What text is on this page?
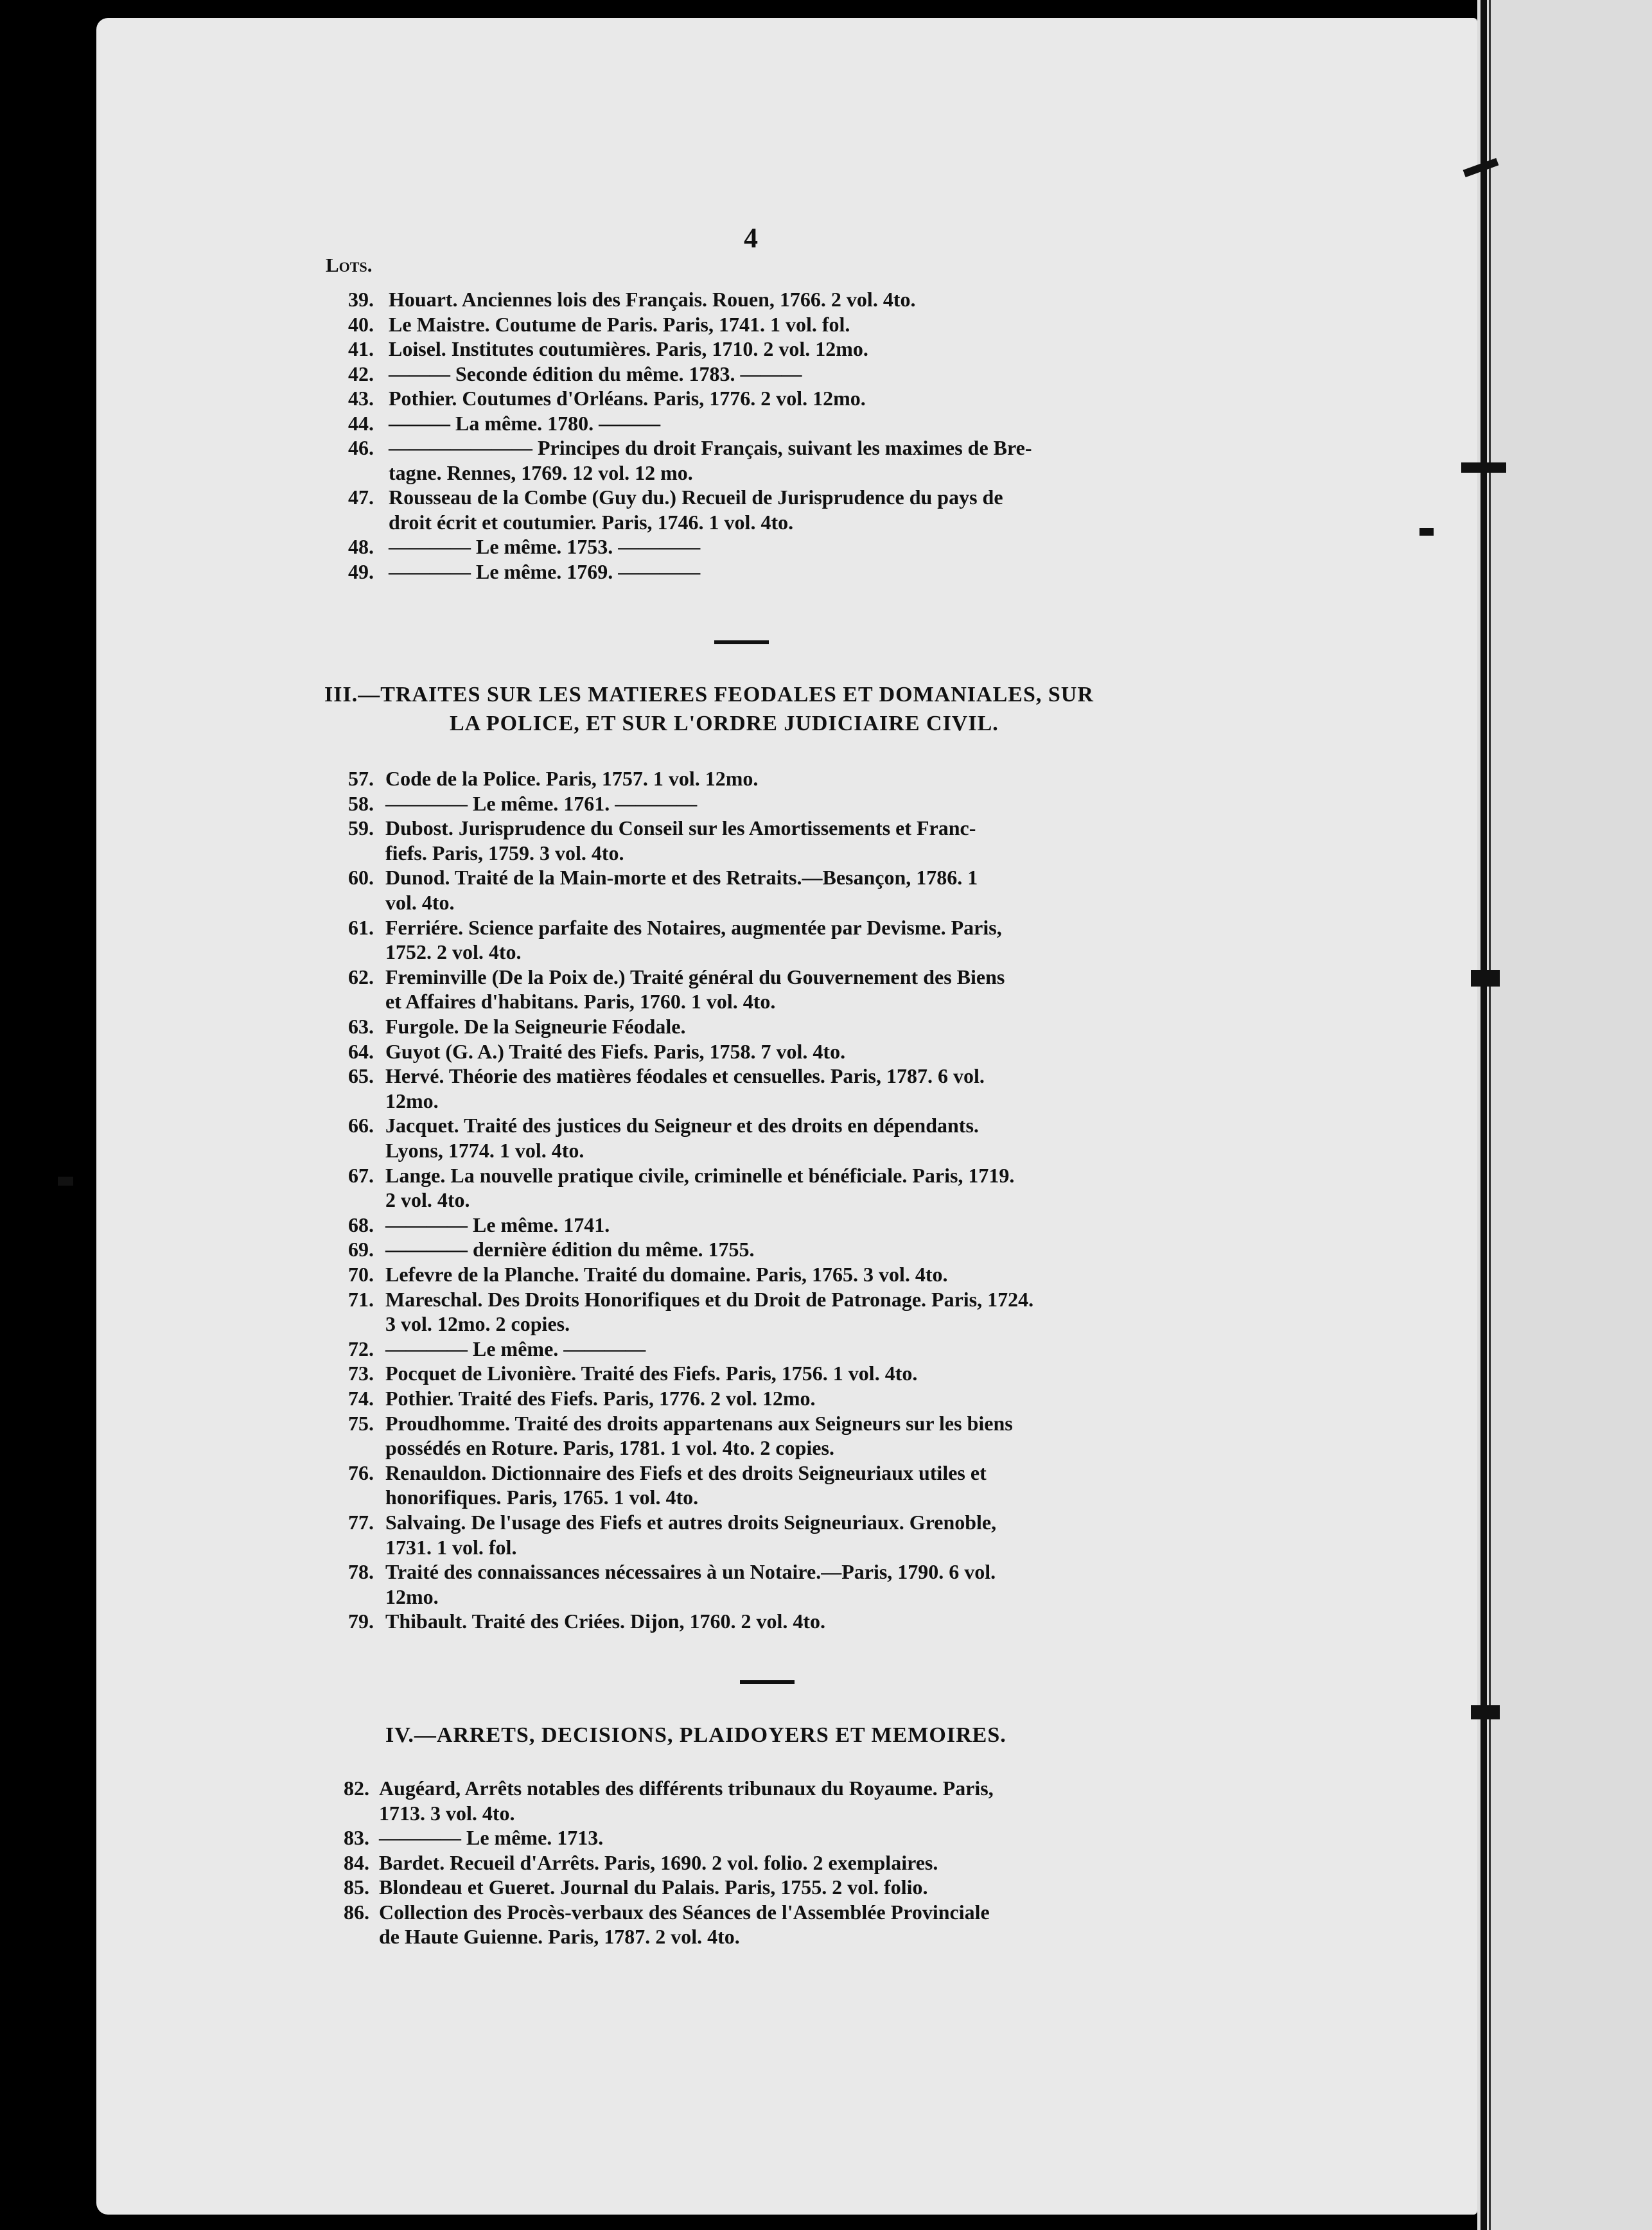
4
Lots.
39. Houart. Anciennes lois des Français. Rouen, 1766. 2 vol. 4to.
40. Le Maistre. Coutume de Paris. Paris, 1741. 1 vol. fol.
41. Loisel. Institutes coutumières. Paris, 1710. 2 vol. 12mo.
42. ——— Seconde édition du même. 1783. ———
43. Pothier. Coutumes d'Orléans. Paris, 1776. 2 vol. 12mo.
44. ——— La même. 1780. ———
46. ——————— Principes du droit Français, suivant les maximes de Bre-
tagne. Rennes, 1769. 12 vol. 12 mo.
47. Rousseau de la Combe (Guy du.) Recueil de Jurisprudence du pays de
droit écrit et coutumier. Paris, 1746. 1 vol. 4to.
48. ———— Le même. 1753. ————
49. ———— Le même. 1769. ————
III.—TRAITES SUR LES MATIERES FEODALES ET DOMANIALES, SUR
LA POLICE, ET SUR L'ORDRE JUDICIAIRE CIVIL.
57. Code de la Police. Paris, 1757. 1 vol. 12mo.
58. ———— Le même. 1761. ————
59. Dubost. Jurisprudence du Conseil sur les Amortissements et Franc-
fiefs. Paris, 1759. 3 vol. 4to.
60. Dunod. Traité de la Main-morte et des Retraits.—Besançon, 1786. 1
vol. 4to.
61. Ferriére. Science parfaite des Notaires, augmentée par Devisme. Paris,
1752. 2 vol. 4to.
62. Freminville (De la Poix de.) Traité général du Gouvernement des Biens
et Affaires d'habitans. Paris, 1760. 1 vol. 4to.
63. Furgole. De la Seigneurie Féodale.
64. Guyot (G. A.) Traité des Fiefs. Paris, 1758. 7 vol. 4to.
65. Hervé. Théorie des matières féodales et censuelles. Paris, 1787. 6 vol.
12mo.
66. Jacquet. Traité des justices du Seigneur et des droits en dépendants.
Lyons, 1774. 1 vol. 4to.
67. Lange. La nouvelle pratique civile, criminelle et bénéficiale. Paris, 1719.
2 vol. 4to.
68. ———— Le même. 1741.
69. ———— dernière édition du même. 1755.
70. Lefevre de la Planche. Traité du domaine. Paris, 1765. 3 vol. 4to.
71. Mareschal. Des Droits Honorifiques et du Droit de Patronage. Paris, 1724.
3 vol. 12mo. 2 copies.
72. ———— Le même. ————
73. Pocquet de Livonière. Traité des Fiefs. Paris, 1756. 1 vol. 4to.
74. Pothier. Traité des Fiefs. Paris, 1776. 2 vol. 12mo.
75. Proudhomme. Traité des droits appartenans aux Seigneurs sur les biens
possédés en Roture. Paris, 1781. 1 vol. 4to. 2 copies.
76. Renauldon. Dictionnaire des Fiefs et des droits Seigneuriaux utiles et
honorifiques. Paris, 1765. 1 vol. 4to.
77. Salvaing. De l'usage des Fiefs et autres droits Seigneuriaux. Grenoble,
1731. 1 vol. fol.
78. Traité des connaissances nécessaires à un Notaire.—Paris, 1790. 6 vol.
12mo.
79. Thibault. Traité des Criées. Dijon, 1760. 2 vol. 4to.
IV.—ARRETS, DECISIONS, PLAIDOYERS ET MEMOIRES.
82. Augéard, Arrêts notables des différents tribunaux du Royaume. Paris,
1713. 3 vol. 4to.
83. ———— Le même. 1713.
84. Bardet. Recueil d'Arrêts. Paris, 1690. 2 vol. folio. 2 exemplaires.
85. Blondeau et Gueret. Journal du Palais. Paris, 1755. 2 vol. folio.
86. Collection des Procès-verbaux des Séances de l'Assemblée Provinciale
de Haute Guienne. Paris, 1787. 2 vol. 4to.
